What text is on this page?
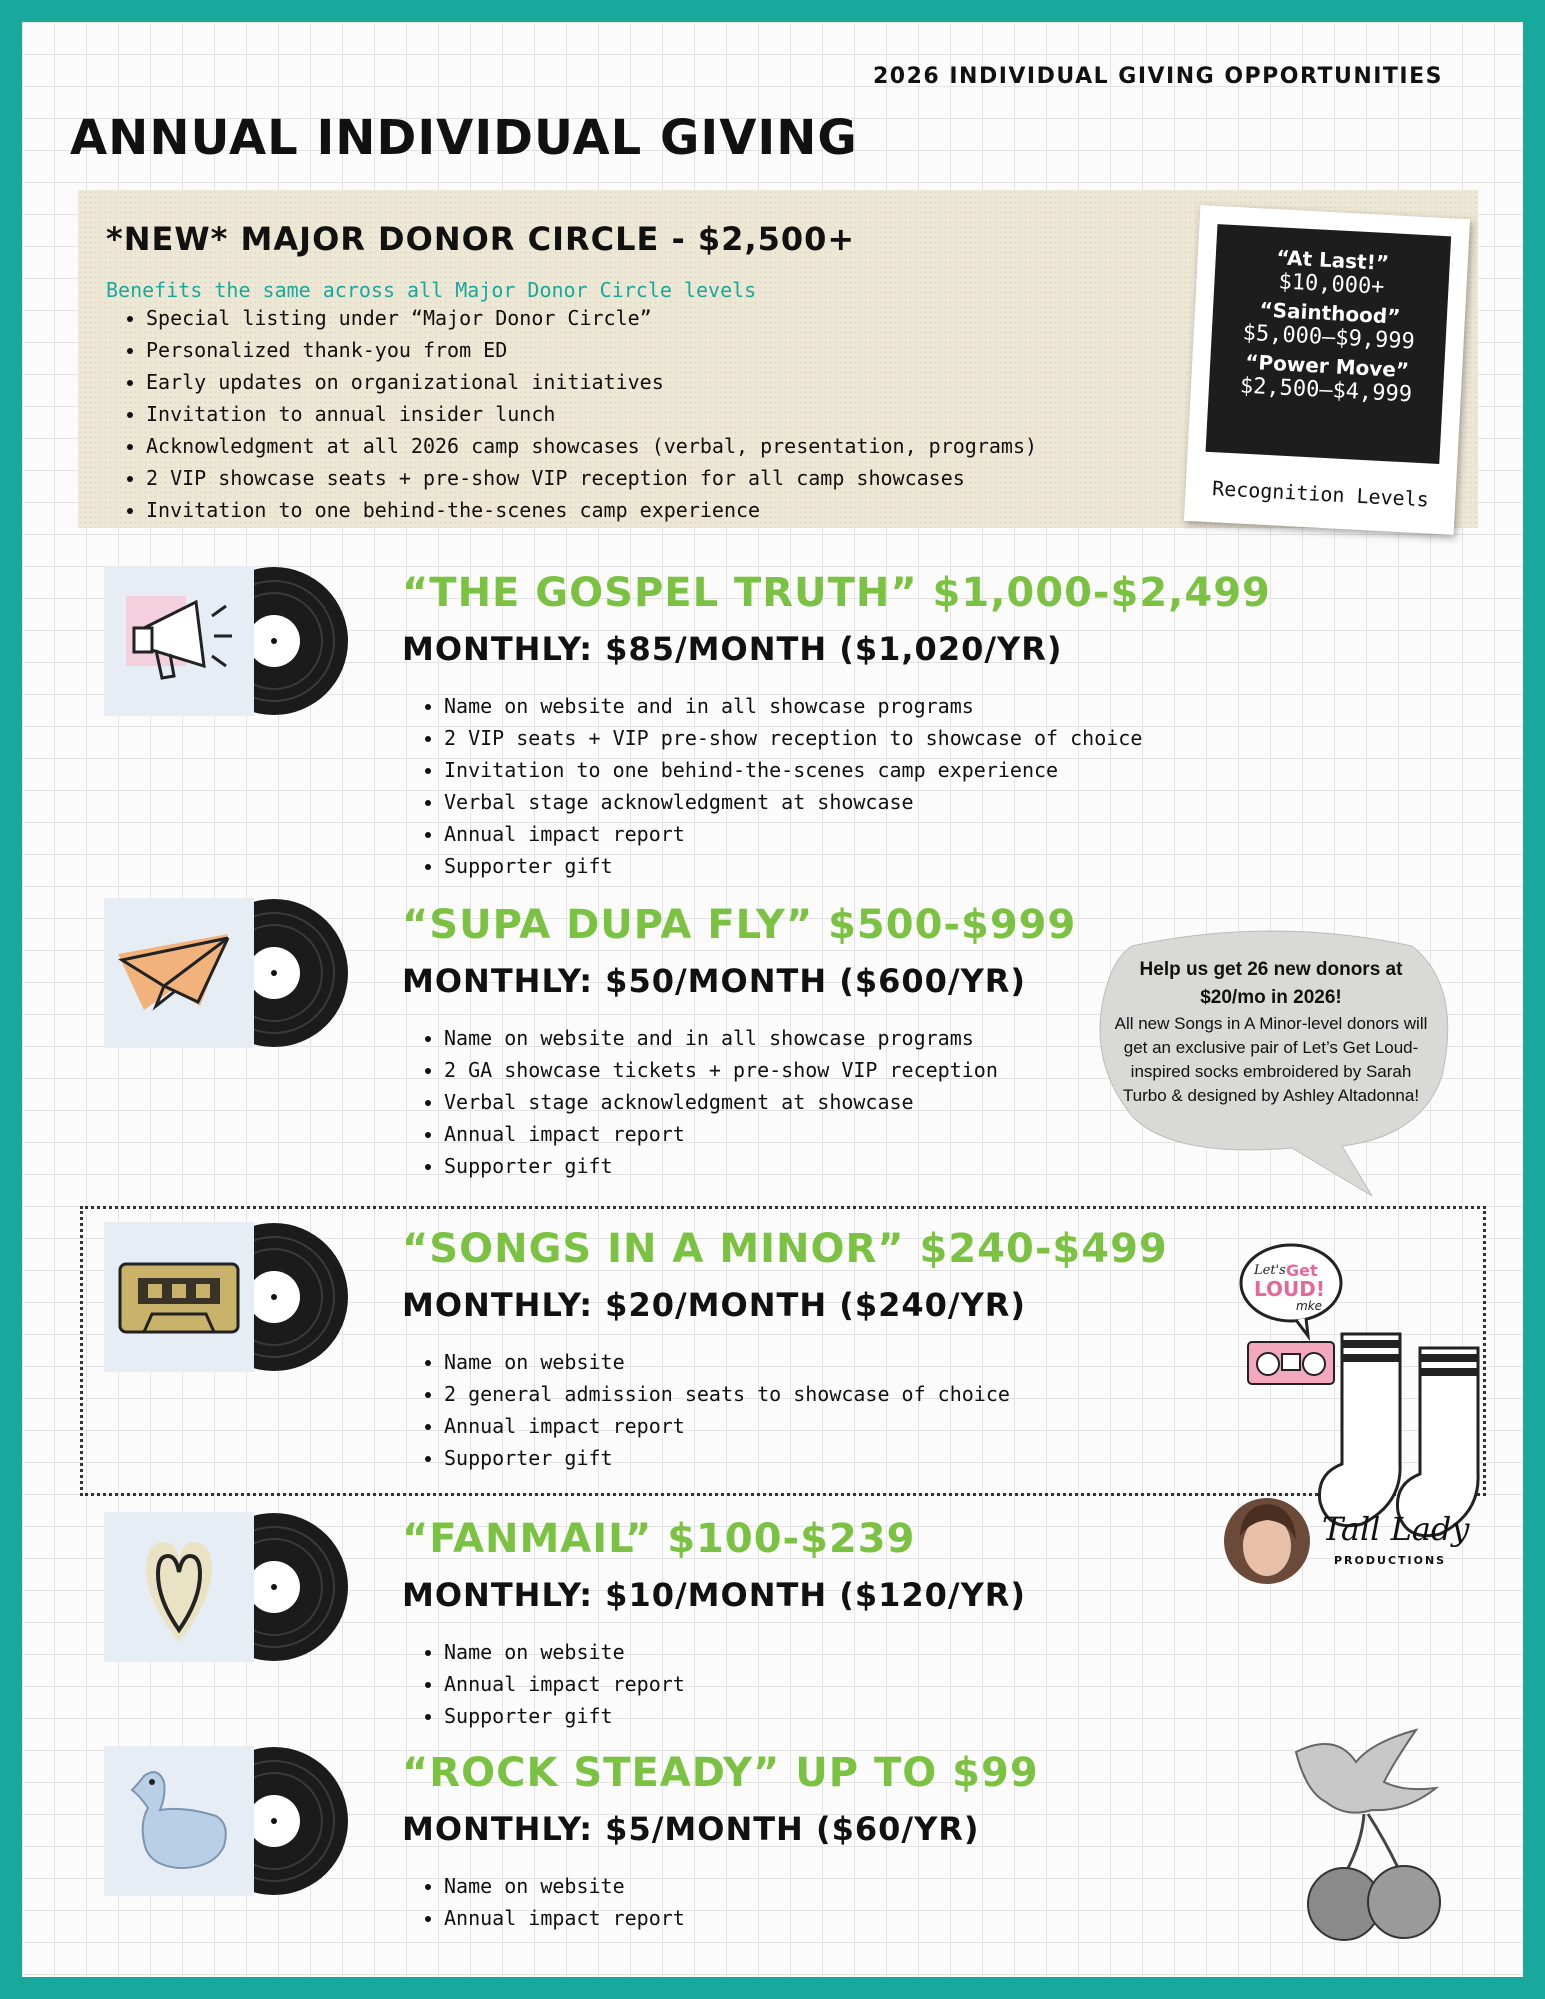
2026 INDIVIDUAL GIVING OPPORTUNITIES
ANNUAL INDIVIDUAL GIVING
*NEW* MAJOR DONOR CIRCLE - $2,500+
Benefits the same across all Major Donor Circle levels
• Special listing under “Major Donor Circle”
• Personalized thank-you from ED
• Early updates on organizational initiatives
• Invitation to annual insider lunch
• Acknowledgment at all 2026 camp showcases (verbal, presentation, programs)
• 2 VIP showcase seats + pre-show VIP reception for all camp showcases
• Invitation to one behind-the-scenes camp experience
“At Last!”
$10,000+
“Sainthood”
$5,000–$9,999
“Power Move”
$2,500–$4,999
Recognition Levels
“THE GOSPEL TRUTH” $1,000-$2,499
MONTHLY: $85/MONTH ($1,020/YR)
• Name on website and in all showcase programs
• 2 VIP seats + VIP pre-show reception to showcase of choice
• Invitation to one behind-the-scenes camp experience
• Verbal stage acknowledgment at showcase
• Annual impact report
• Supporter gift
“SUPA DUPA FLY” $500-$999
MONTHLY: $50/MONTH ($600/YR)
• Name on website and in all showcase programs
• 2 GA showcase tickets + pre-show VIP reception
• Verbal stage acknowledgment at showcase
• Annual impact report
• Supporter gift
Help us get 26 new donors at $20/mo in 2026!
All new Songs in A Minor-level donors will get an exclusive pair of Let’s Get Loud-inspired socks embroidered by Sarah Turbo & designed by Ashley Altadonna!
“SONGS IN A MINOR” $240-$499
MONTHLY: $20/MONTH ($240/YR)
• Name on website
• 2 general admission seats to showcase of choice
• Annual impact report
• Supporter gift
Let's Get
LOUD!
mke
“FANMAIL” $100-$239
MONTHLY: $10/MONTH ($120/YR)
• Name on website
• Annual impact report
• Supporter gift
Tall Lady
PRODUCTIONS
“ROCK STEADY” UP TO $99
MONTHLY: $5/MONTH ($60/YR)
• Name on website
• Annual impact report
